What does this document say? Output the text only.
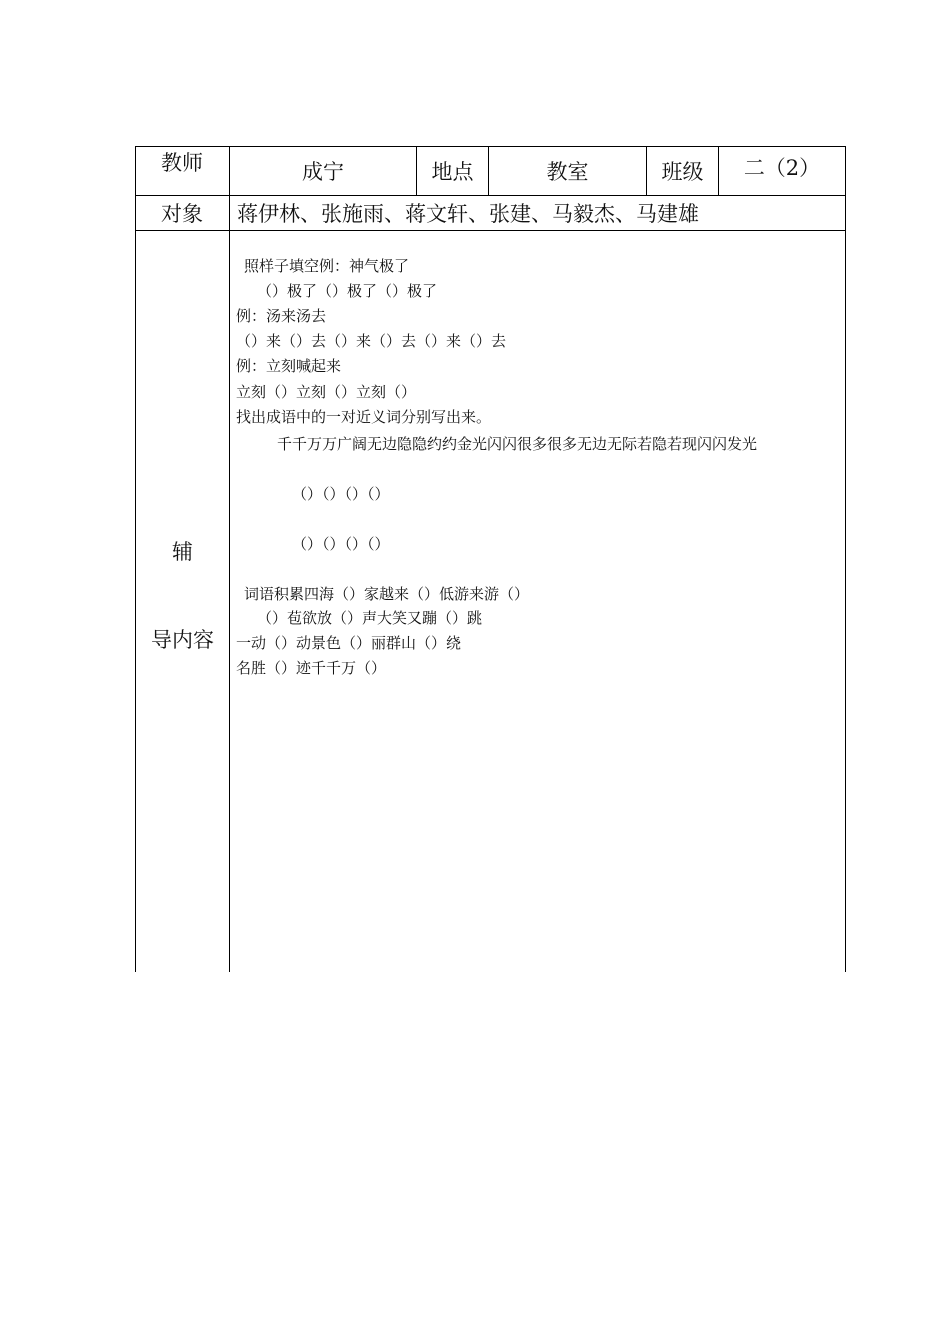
教师	成宁	地点	教室	班级	二（2）
对象	蒋伊林、张施雨、蒋文轩、张建、马毅杰、马建雄
辅
导内容
照样子填空例：神气极了
（）极了（）极了（）极了
例：汤来汤去
（）来（）去（）来（）去（）来（）去
例：立刻喊起来
立刻（）立刻（）立刻（）
找出成语中的一对近义词分别写出来。
千千万万广阔无边隐隐约约金光闪闪很多很多无边无际若隐若现闪闪发光
（）（）（）（）
（）（）（）（）
词语积累四海（）家越来（）低游来游（）
（）苞欲放（）声大笑又蹦（）跳
一动（）动景色（）丽群山（）绕
名胜（）迹千千万（）
